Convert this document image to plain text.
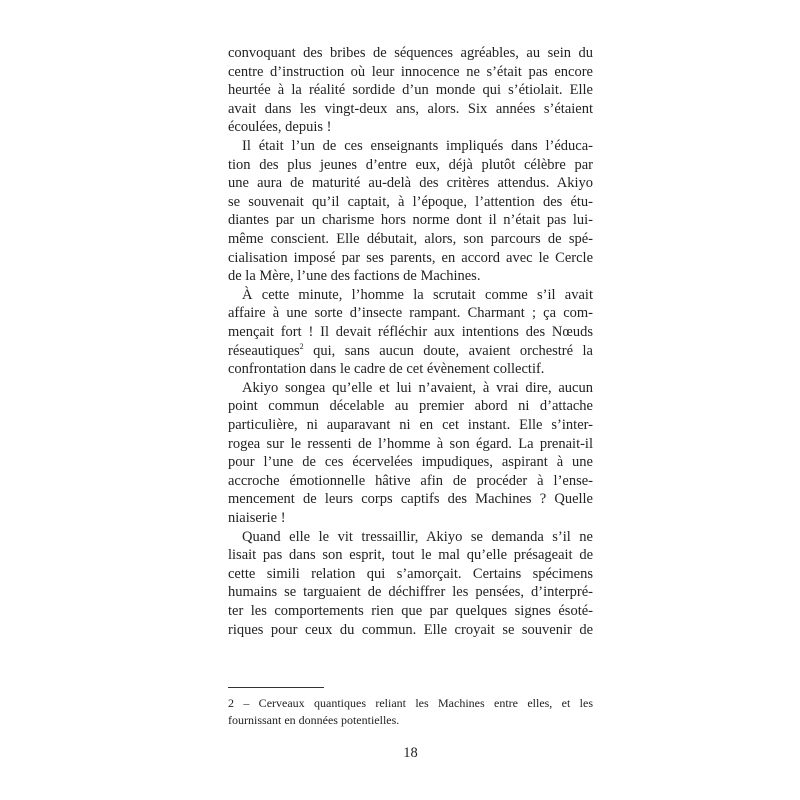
convoquant des bribes de séquences agréables, au sein du
centre d’instruction où leur innocence ne s’était pas encore
heurtée à la réalité sordide d’un monde qui s’étiolait. Elle
avait dans les vingt-deux ans, alors. Six années s’étaient
écoulées, depuis !
Il était l’un de ces enseignants impliqués dans l’éduca-
tion des plus jeunes d’entre eux, déjà plutôt célèbre par
une aura de maturité au-delà des critères attendus. Akiyo
se souvenait qu’il captait, à l’époque, l’attention des étu-
diantes par un charisme hors norme dont il n’était pas lui-
même conscient. Elle débutait, alors, son parcours de spé-
cialisation imposé par ses parents, en accord avec le Cercle
de la Mère, l’une des factions de Machines.
À cette minute, l’homme la scrutait comme s’il avait
affaire à une sorte d’insecte rampant. Charmant ; ça com-
mençait fort ! Il devait réfléchir aux intentions des Nœuds
réseautiques$^2$ qui, sans aucun doute, avaient orchestré la
confrontation dans le cadre de cet évènement collectif.
Akiyo songea qu’elle et lui n’avaient, à vrai dire, aucun
point commun décelable au premier abord ni d’attache
particulière, ni auparavant ni en cet instant. Elle s’inter-
rogea sur le ressenti de l’homme à son égard. La prenait-il
pour l’une de ces écervelées impudiques, aspirant à une
accroche émotionnelle hâtive afin de procéder à l’ense-
mencement de leurs corps captifs des Machines ? Quelle
niaiserie !
Quand elle le vit tressaillir, Akiyo se demanda s’il ne
lisait pas dans son esprit, tout le mal qu’elle présageait de
cette simili relation qui s’amorçait. Certains spécimens
humains se targuaient de déchiffrer les pensées, d’interpré-
ter les comportements rien que par quelques signes ésoté-
riques pour ceux du commun. Elle croyait se souvenir de
2 – Cerveaux quantiques reliant les Machines entre elles, et les
fournissant en données potentielles.
18
